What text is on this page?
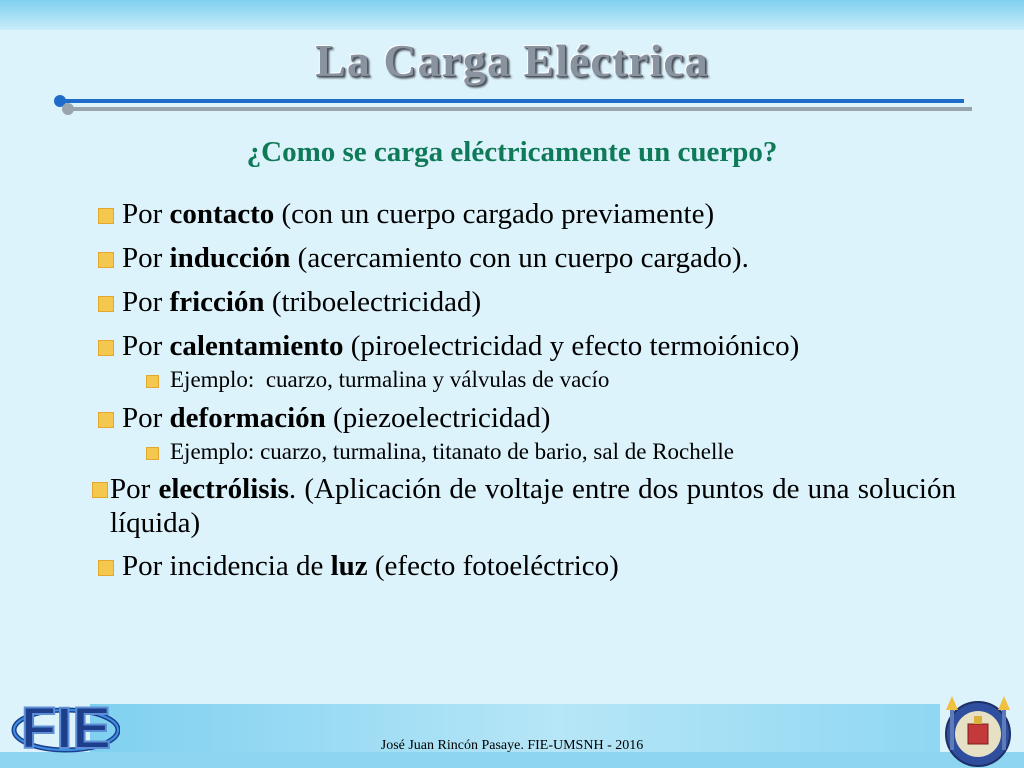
La Carga Eléctrica
¿Como se carga eléctricamente un cuerpo?
Por contacto (con un cuerpo cargado previamente)
Por inducción (acercamiento con un cuerpo cargado).
Por fricción (triboelectricidad)
Por calentamiento (piroelectricidad y efecto termoiónico)
Ejemplo:  cuarzo, turmalina y válvulas de vacío
Por deformación (piezoelectricidad)
Ejemplo: cuarzo, turmalina, titanato de bario, sal de Rochelle
Por electrólisis. (Aplicación de voltaje entre dos puntos de una solución líquida)
Por incidencia de luz (efecto fotoeléctrico)
José Juan Rincón Pasaye. FIE-UMSNH - 2016
FIE
